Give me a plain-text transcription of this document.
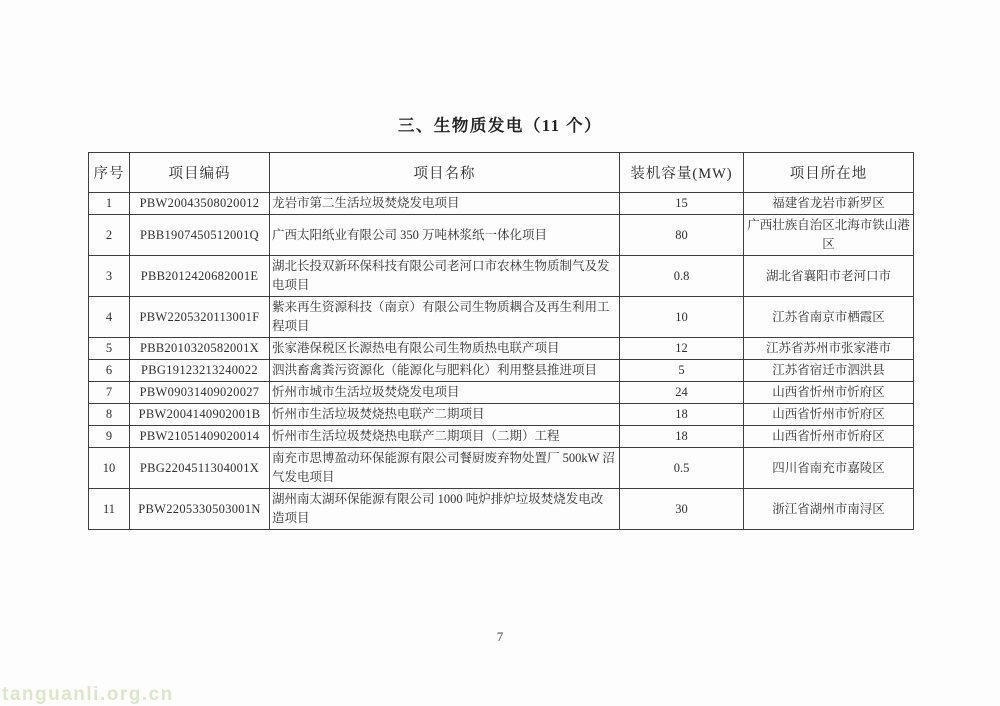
三、生物质发电（11 个）
序号	项目编码	项目名称	装机容量(MW)	项目所在地
1	PBW20043508020012	龙岩市第二生活垃圾焚烧发电项目	15	福建省龙岩市新罗区
2	PBB1907450512001Q	广西太阳纸业有限公司 350 万吨林浆纸一体化项目	80	广西壮族自治区北海市铁山港区
3	PBB2012420682001E	湖北长投双新环保科技有限公司老河口市农林生物质制气及发电项目	0.8	湖北省襄阳市老河口市
4	PBW2205320113001F	紫来再生资源科技（南京）有限公司生物质耦合及再生利用工程项目	10	江苏省南京市栖霞区
5	PBB2010320582001X	张家港保税区长源热电有限公司生物质热电联产项目	12	江苏省苏州市张家港市
6	PBG19123213240022	泗洪畜禽粪污资源化（能源化与肥料化）利用整县推进项目	5	江苏省宿迁市泗洪县
7	PBW09031409020027	忻州市城市生活垃圾焚烧发电项目	24	山西省忻州市忻府区
8	PBW2004140902001B	忻州市生活垃圾焚烧热电联产二期项目	18	山西省忻州市忻府区
9	PBW21051409020014	忻州市生活垃圾焚烧热电联产二期项目（二期）工程	18	山西省忻州市忻府区
10	PBG2204511304001X	南充市思博盈动环保能源有限公司餐厨废弃物处置厂 500kW 沼气发电项目	0.5	四川省南充市嘉陵区
11	PBW2205330503001N	湖州南太湖环保能源有限公司 1000 吨炉排炉垃圾焚烧发电改造项目	30	浙江省湖州市南浔区
7
tanguanli.org.cn
